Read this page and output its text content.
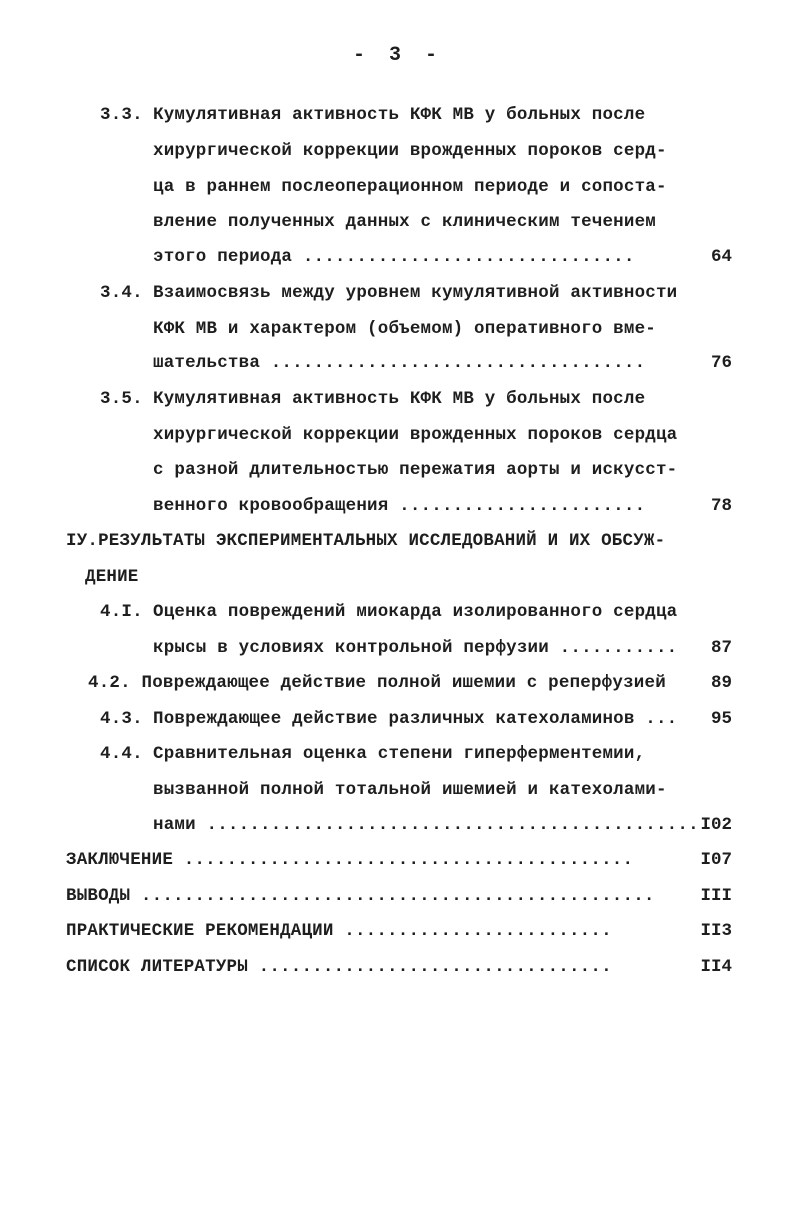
- 3 -
3.3. Кумулятивная активность КФК МВ у больных после
хирургической коррекции врожденных пороков серд-
ца в раннем послеоперационном периоде и сопоста-
вление полученных данных с клиническим течением
этого периода ...............................	64
3.4. Взаимосвязь между уровнем кумулятивной активности
КФК МВ и характером (объемом) оперативного вме-
шательства ...................................	76
3.5. Кумулятивная активность КФК МВ у больных после
хирургической коррекции врожденных пороков сердца
с разной длительностью пережатия аорты и искусст-
венного кровообращения .......................	78
IУ.РЕЗУЛЬТАТЫ ЭКСПЕРИМЕНТАЛЬНЫХ ИССЛЕДОВАНИЙ И ИХ ОБСУЖ-
ДЕНИЕ
4.I. Оценка повреждений миокарда изолированного сердца
крысы в условиях контрольной перфузии ...........	87
4.2. Повреждающее действие полной ишемии с реперфузией	89
4.3. Повреждающее действие различных катехоламинов ...	95
4.4. Сравнительная оценка степени гиперферментемии,
вызванной полной тотальной ишемией и катехолами-
нами .............................................. I02
ЗАКЛЮЧЕНИЕ ..........................................	I07
ВЫВОДЫ ................................................	III
ПРАКТИЧЕСКИЕ РЕКОМЕНДАЦИИ .........................	II3
СПИСОК ЛИТЕРАТУРЫ .................................	II4
